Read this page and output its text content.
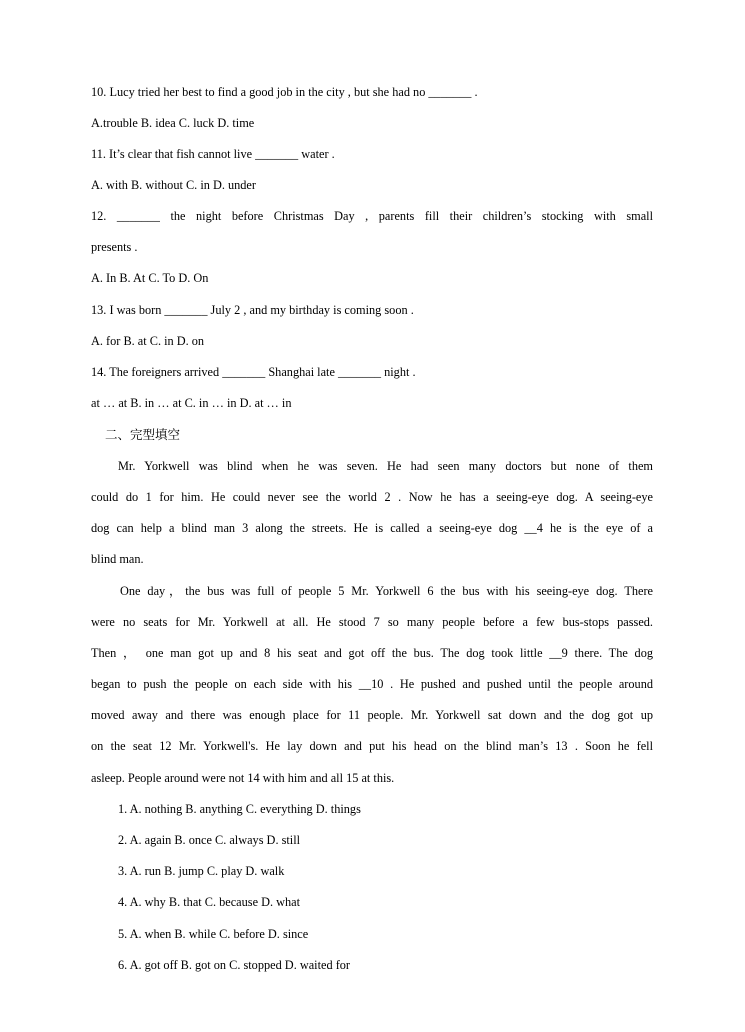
10. Lucy tried her best to find a good job in the city , but she had no _______ .
A.trouble B. idea C. luck D. time
11. It’s clear that fish cannot live _______ water .
A. with B. without C. in D. under
12. _______ the night before Christmas Day , parents fill their children’s stocking with small
presents .
A. In B. At C. To D. On
13. I was born _______ July 2 , and my birthday is coming soon .
A. for B. at C. in D. on
14. The foreigners arrived _______ Shanghai late _______ night .
at … at B. in … at C. in … in D. at … in
二、完型填空
Mr. Yorkwell was blind when he was seven. He had seen many doctors but none of them
could do 1 for him. He could never see the world 2 . Now he has a seeing-eye dog. A seeing-eye
dog can help a blind man 3 along the streets. He is called a seeing-eye dog __4 he is the eye of a
blind man.
One day，the bus was full of people 5 Mr. Yorkwell 6 the bus with his seeing-eye dog. There
were no seats for Mr. Yorkwell at all. He stood 7 so many people before a few bus-stops passed.
Then ， one man got up and 8 his seat and got off the bus. The dog took little __9 there. The dog
began to push the people on each side with his __10 . He pushed and pushed until the people around
moved away and there was enough place for 11 people. Mr. Yorkwell sat down and the dog got up
on the seat 12 Mr. Yorkwell's. He lay down and put his head on the blind man’s 13 . Soon he fell
asleep. People around were not 14 with him and all 15 at this.
1. A. nothing B. anything C. everything D. things
2. A. again B. once C. always D. still
3. A. run B. jump C. play D. walk
4. A. why B. that C. because D. what
5. A. when B. while C. before D. since
6. A. got off B. got on C. stopped D. waited for
